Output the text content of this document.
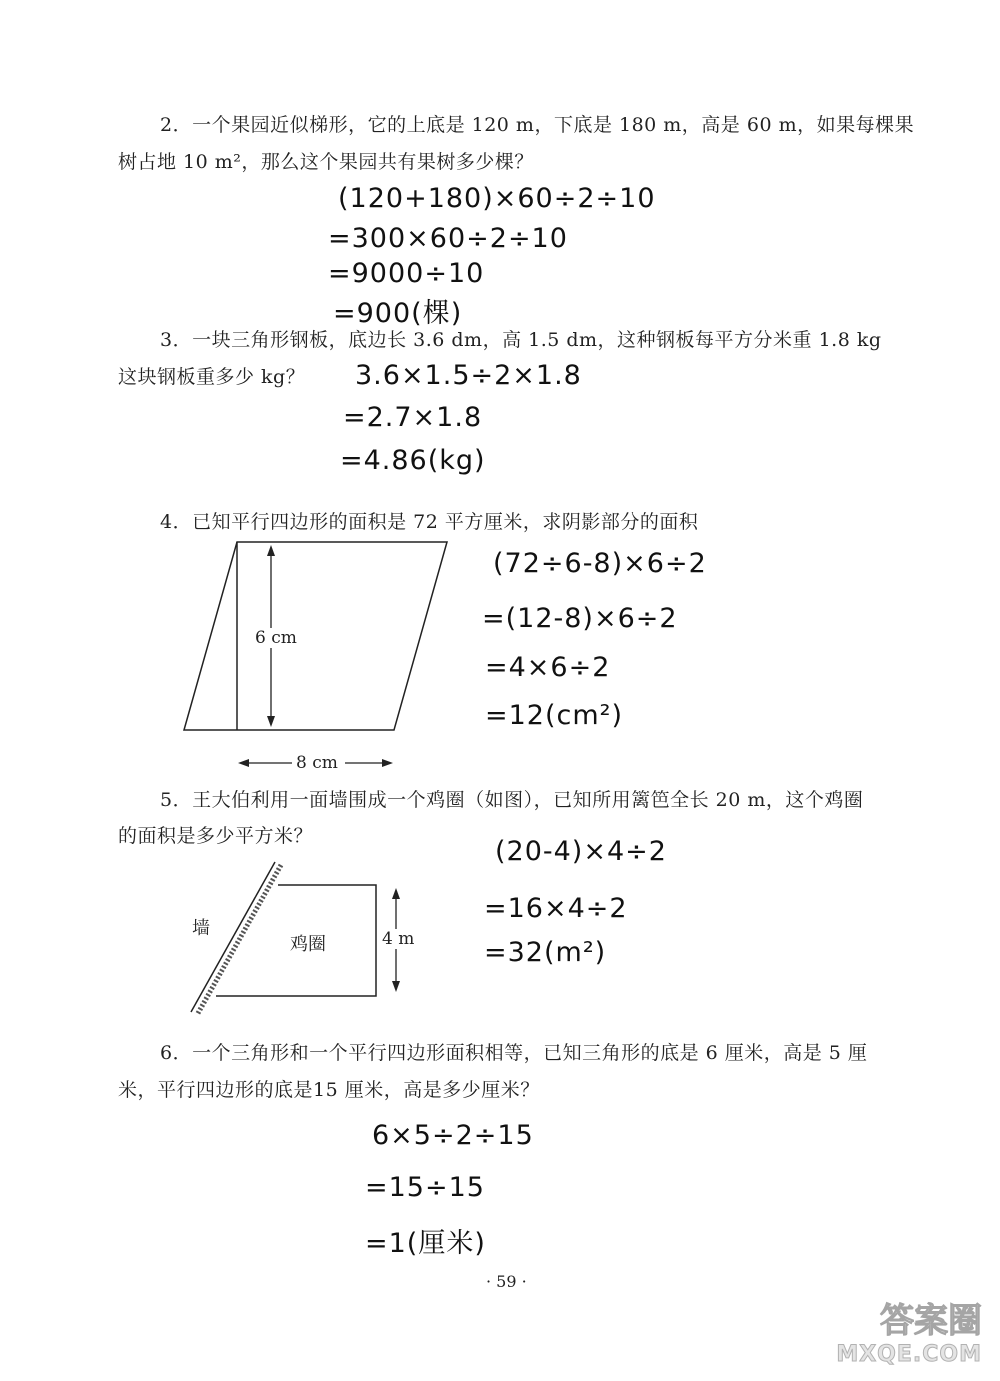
2．一个果园近似梯形，它的上底是 120 m，下底是 180 m，高是 60 m，如果每棵果
树占地 10 m²，那么这个果园共有果树多少棵？
(120+180)×60÷2÷10
=300×60÷2÷10
=9000÷10
=900(棵)
3．一块三角形钢板，底边长 3.6 dm，高 1.5 dm，这种钢板每平方分米重 1.8 kg
这块钢板重多少 kg？ 3.6×1.5÷2×1.8
=2.7×1.8
=4.86(kg)
4．已知平行四边形的面积是 72 平方厘米，求阴影部分的面积
6 cm
8 cm
(72÷6-8)×6÷2
=(12-8)×6÷2
=4×6÷2
=12(cm²)
5．王大伯利用一面墙围成一个鸡圈（如图），已知所用篱笆全长 20 m，这个鸡圈
的面积是多少平方米？
墙
鸡圈	4 m
(20-4)×4÷2
=16×4÷2
=32(m²)
6．一个三角形和一个平行四边形面积相等，已知三角形的底是 6 厘米，高是 5 厘
米，平行四边形的底是15 厘米，高是多少厘米？
6×5÷2÷15
=15÷15
=1(厘米)
· 59 ·
答案圈
MXQE.COM
